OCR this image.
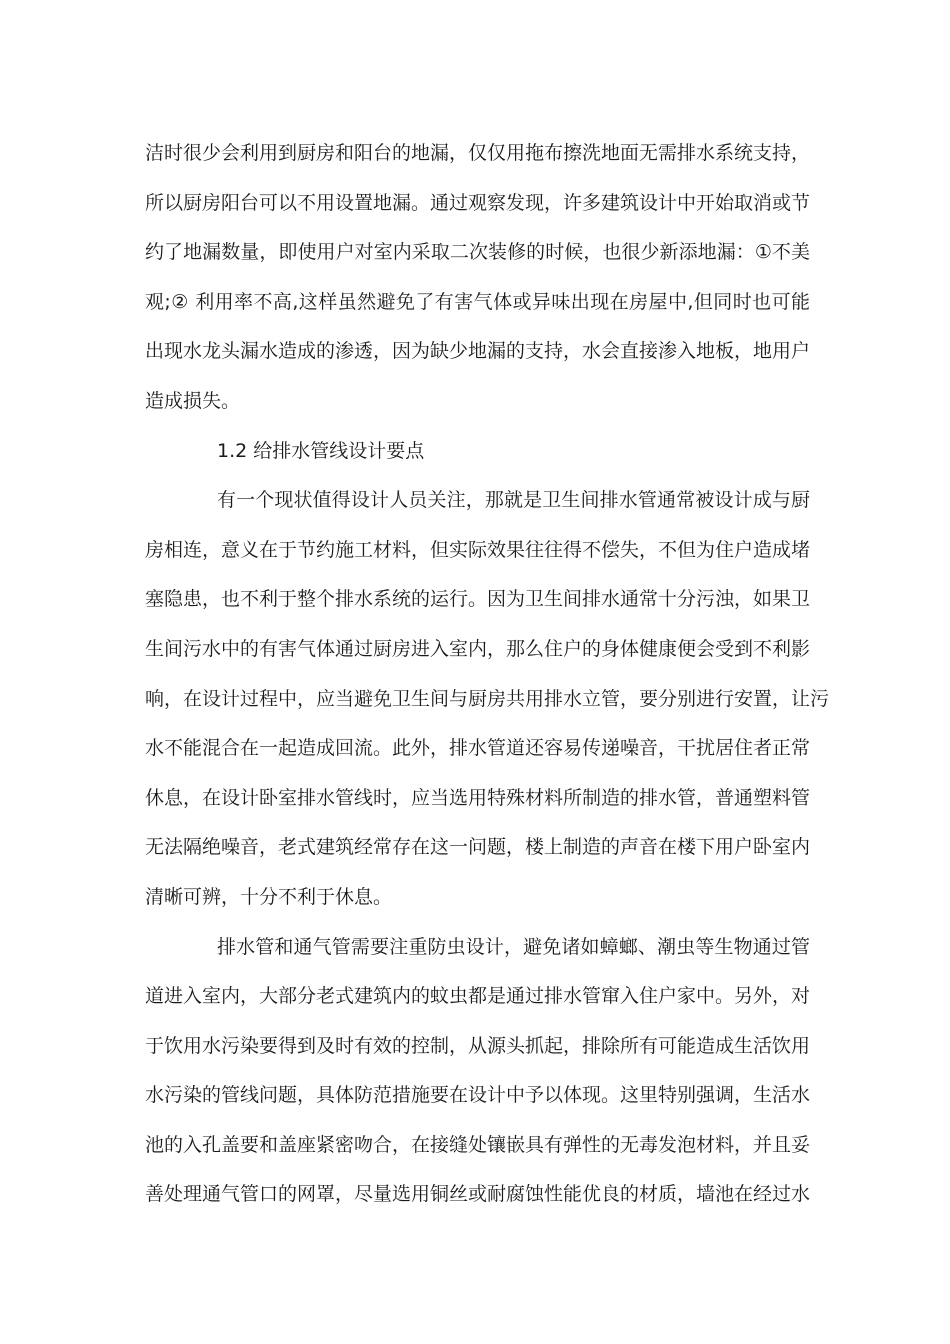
洁时很少会利用到厨房和阳台的地漏，仅仅用拖布擦洗地面无需排水系统支持，
所以厨房阳台可以不用设置地漏。通过观察发现，许多建筑设计中开始取消或节
约了地漏数量，即使用户对室内采取二次装修的时候，也很少新添地漏：①不美
观;② 利用率不高,这样虽然避免了有害气体或异味出现在房屋中,但同时也可能
出现水龙头漏水造成的渗透，因为缺少地漏的支持，水会直接渗入地板，地用户
造成损失。
1.2 给排水管线设计要点
有一个现状值得设计人员关注，那就是卫生间排水管通常被设计成与厨
房相连，意义在于节约施工材料，但实际效果往往得不偿失，不但为住户造成堵
塞隐患，也不利于整个排水系统的运行。因为卫生间排水通常十分污浊，如果卫
生间污水中的有害气体通过厨房进入室内，那么住户的身体健康便会受到不利影
响，在设计过程中，应当避免卫生间与厨房共用排水立管，要分别进行安置，让污
水不能混合在一起造成回流。此外，排水管道还容易传递噪音，干扰居住者正常
休息，在设计卧室排水管线时，应当选用特殊材料所制造的排水管，普通塑料管
无法隔绝噪音，老式建筑经常存在这一问题，楼上制造的声音在楼下用户卧室内
清晰可辨，十分不利于休息。
排水管和通气管需要注重防虫设计，避免诸如蟑螂、潮虫等生物通过管
道进入室内，大部分老式建筑内的蚊虫都是通过排水管窜入住户家中。另外，对
于饮用水污染要得到及时有效的控制，从源头抓起，排除所有可能造成生活饮用
水污染的管线问题，具体防范措施要在设计中予以体现。这里特别强调，生活水
池的入孔盖要和盖座紧密吻合，在接缝处镶嵌具有弹性的无毒发泡材料，并且妥
善处理通气管口的网罩，尽量选用铜丝或耐腐蚀性能优良的材质，墙池在经过水
